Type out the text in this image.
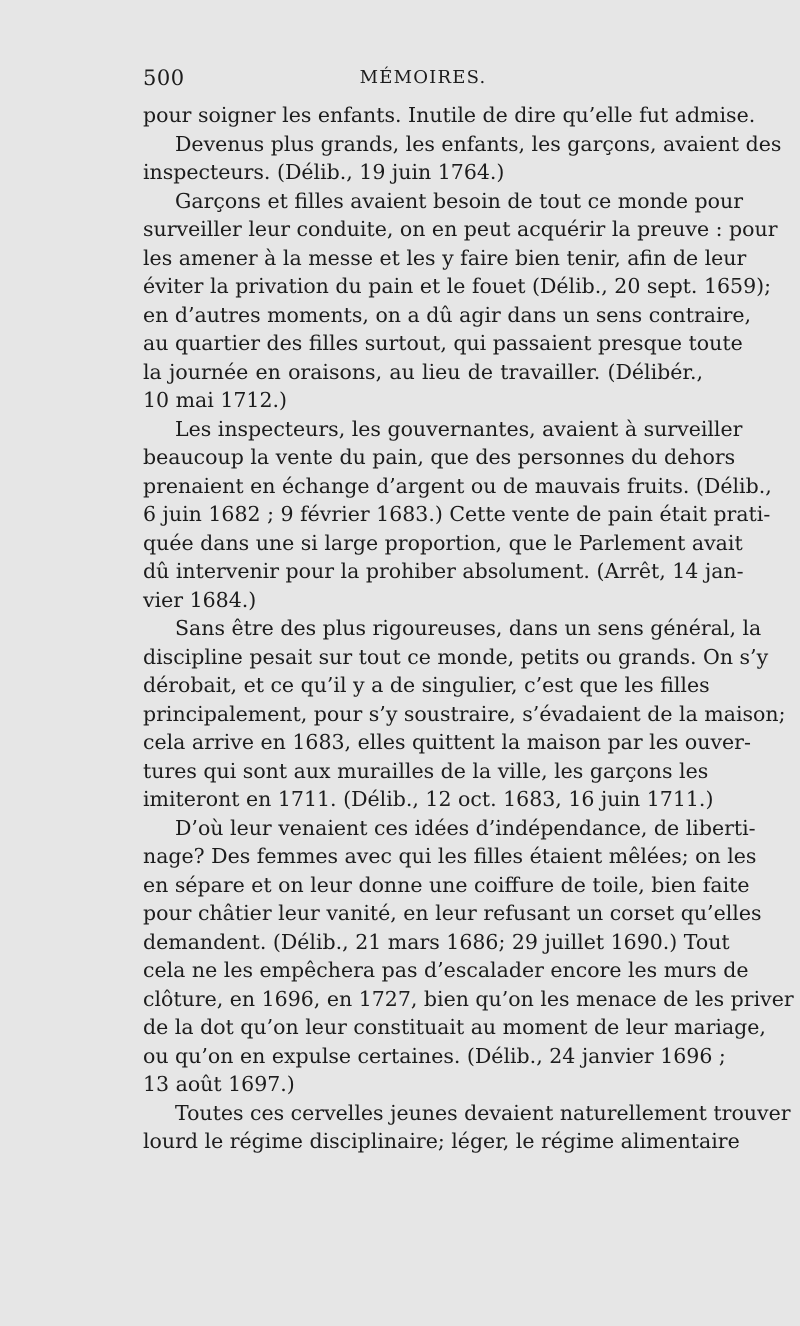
500	MÉMOIRES.
pour soigner les enfants. Inutile de dire qu’elle fut admise.
Devenus plus grands, les enfants, les garçons, avaient des
inspecteurs. (Délib., 19 juin 1764.)
Garçons et filles avaient besoin de tout ce monde pour
surveiller leur conduite, on en peut acquérir la preuve : pour
les amener à la messe et les y faire bien tenir, afin de leur
éviter la privation du pain et le fouet (Délib., 20 sept. 1659);
en d’autres moments, on a dû agir dans un sens contraire,
au quartier des filles surtout, qui passaient presque toute
la journée en oraisons, au lieu de travailler. (Délibér.,
10 mai 1712.)
Les inspecteurs, les gouvernantes, avaient à surveiller
beaucoup la vente du pain, que des personnes du dehors
prenaient en échange d’argent ou de mauvais fruits. (Délib.,
6 juin 1682 ; 9 février 1683.) Cette vente de pain était prati-
quée dans une si large proportion, que le Parlement avait
dû intervenir pour la prohiber absolument. (Arrêt, 14 jan-
vier 1684.)
Sans être des plus rigoureuses, dans un sens général, la
discipline pesait sur tout ce monde, petits ou grands. On s’y
dérobait, et ce qu’il y a de singulier, c’est que les filles
principalement, pour s’y soustraire, s’évadaient de la maison;
cela arrive en 1683, elles quittent la maison par les ouver-
tures qui sont aux murailles de la ville, les garçons les
imiteront en 1711. (Délib., 12 oct. 1683, 16 juin 1711.)
D’où leur venaient ces idées d’indépendance, de liberti-
nage? Des femmes avec qui les filles étaient mêlées; on les
en sépare et on leur donne une coiffure de toile, bien faite
pour châtier leur vanité, en leur refusant un corset qu’elles
demandent. (Délib., 21 mars 1686; 29 juillet 1690.) Tout
cela ne les empêchera pas d’escalader encore les murs de
clôture, en 1696, en 1727, bien qu’on les menace de les priver
de la dot qu’on leur constituait au moment de leur mariage,
ou qu’on en expulse certaines. (Délib., 24 janvier 1696 ;
13 août 1697.)
Toutes ces cervelles jeunes devaient naturellement trouver
lourd le régime disciplinaire; léger, le régime alimentaire
